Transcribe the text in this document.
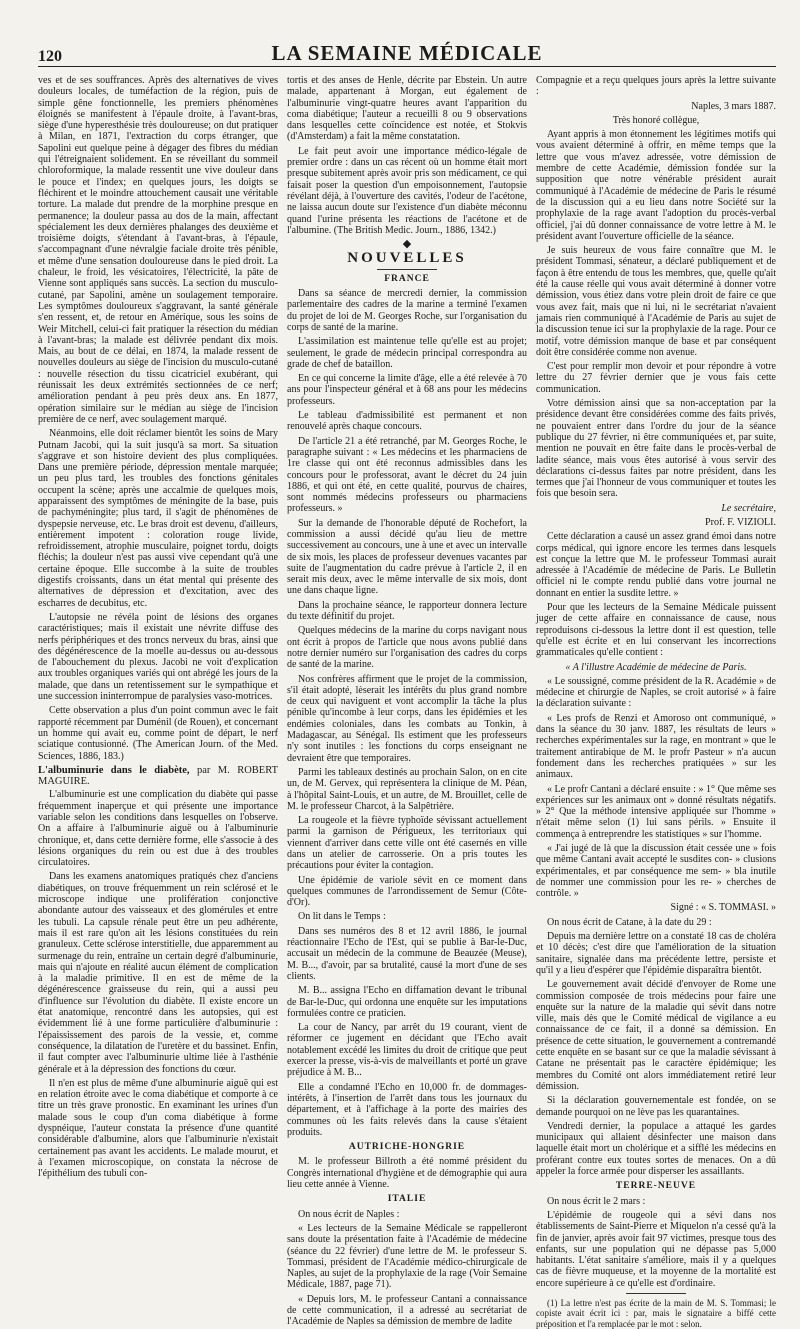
120	LA SEMAINE MÉDICALE

ves et de ses souffrances. Après des alternatives de vives douleurs locales, de tuméfaction de la région, puis de simple gêne fonctionnelle, les premiers phénomènes éloignés se manifestent à l'épaule droite, à l'avant-bras, siège d'une hyperesthésie très douloureuse; on dut pratiquer à Milan, en 1871, l'extraction du corps étranger, que Sapolini eut quelque peine à dégager des fibres du médian qui l'étreignaient solidement. En se réveillant du sommeil chloroformique, la malade ressentit une vive douleur dans le pouce et l'index; en quelques jours, les doigts se fléchirent et le moindre attouchement causait une véritable torture. La malade dut prendre de la morphine presque en permanence; la douleur passa au dos de la main, affectant spécialement les deux dernières phalanges des deuxième et troisième doigts, s'étendant à l'avant-bras, à l'épaule, s'accompagnant d'une névralgie faciale droite très pénible, et même d'une sensation douloureuse dans le pied droit. La chaleur, le froid, les vésicatoires, l'électricité, la pâte de Vienne sont appliqués sans succès. La section du musculo-cutané, par Sapolini, amène un soulagement temporaire. Les symptômes douloureux s'aggravant, la santé générale s'en ressent, et, de retour en Amérique, sous les soins de Weir Mitchell, celui-ci fait pratiquer la résection du médian à l'avant-bras; la malade est délivrée pendant dix mois. Mais, au bout de ce délai, en 1874, la malade ressent de nouvelles douleurs au siège de l'incision du musculo-cutané : nouvelle résection du tissu cicatriciel exubérant, qui réunissait les deux extrémités sectionnées de ce nerf; amélioration pendant à peu près deux ans. En 1877, opération similaire sur le médian au siège de l'incision première de ce nerf, avec soulagement marqué.

Néanmoins, elle doit réclamer bientôt les soins de Mary Putnam Jacobi, qui la suit jusqu'à sa mort. Sa situation s'aggrave et son histoire devient des plus compliquées. Dans une première période, dépression mentale marquée; un peu plus tard, les troubles des fonctions génitales occupent la scène; après une accalmie de quelques mois, apparaissent des symptômes de méningite de la base, puis de pachyméningite; plus tard, il s'agit de phénomènes de dyspepsie nerveuse, etc. Le bras droit est devenu, d'ailleurs, entièrement impotent : coloration rouge livide, refroidissement, atrophie musculaire, poignet tordu, doigts fléchis; la douleur n'est pas aussi vive cependant qu'à une certaine époque. Elle succombe à la suite de troubles digestifs croissants, dans un état mental qui présente des alternatives de dépression et d'excitation, avec des escharres de decubitus, etc.

L'autopsie ne révéla point de lésions des organes caractéristiques; mais il existait une névrite diffuse des nerfs périphériques et des troncs nerveux du bras, ainsi que des dégénérescence de la moelle au-dessus ou au-dessous de l'abouchement du plexus. Jacobi ne voit d'explication aux troubles organiques variés qui ont abrégé les jours de la malade, que dans un retentissement sur le sympathique et une succession ininterrompue de paralysies vaso-motrices.

Cette observation a plus d'un point commun avec le fait rapporté récemment par Duménil (de Rouen), et concernant un homme qui avait eu, comme point de départ, le nerf sciatique contusionné. (The American Journ. of the Med. Sciences, 1886, 183.)

L'albuminurie dans le diabète, par M. ROBERT MAGUIRE.

L'albuminurie est une complication du diabète qui passe fréquemment inaperçue et qui présente une importance variable selon les conditions dans lesquelles on l'observe. On a affaire à l'albuminurie aiguë ou à l'albuminurie chronique, et, dans cette dernière forme, elle s'associe à des lésions organiques du rein ou est due à des troubles circulatoires.

Dans les examens anatomiques pratiqués chez d'anciens diabétiques, on trouve fréquemment un rein sclérosé et le microscope indique une prolifération conjonctive abondante autour des vaisseaux et des glomérules et entre les tubuli. La capsule rénale peut être un peu adhérente, mais il est rare qu'on ait les lésions constituées du rein granuleux. Cette sclérose interstitielle, due apparemment au surmenage du rein, entraîne un certain degré d'albuminurie, mais qui n'ajoute en réalité aucun élément de complication à la maladie primitive. Il en est de même de la dégénérescence graisseuse du rein, qui a aussi peu d'influence sur l'évolution du diabète. Il existe encore un état anatomique, rencontré dans les autopsies, qui est évidemment lié à une forme particulière d'albuminurie : l'épaississement des parois de la vessie, et, comme conséquence, la dilatation de l'uretère et du bassinet. Enfin, il faut compter avec l'albuminurie ultime liée à l'asthénie générale et à la dépression des fonctions du cœur.

Il n'en est plus de même d'une albuminurie aiguë qui est en relation étroite avec le coma diabétique et comporte à ce titre un très grave pronostic. En examinant les urines d'un malade sous le coup d'un coma diabétique à forme dyspnéique, l'auteur constata la présence d'une quantité considérable d'albumine, alors que l'albuminurie n'existait certainement pas avant les accidents. Le malade mourut, et à l'examen microscopique, on constata la nécrose de l'épithélium des tubuli con-

tortis et des anses de Henle, décrite par Ebstein. Un autre malade, appartenant à Morgan, eut également de l'albuminurie vingt-quatre heures avant l'apparition du coma diabétique; l'auteur a recueilli 8 ou 9 observations dans lesquelles cette coïncidence est notée, et Stokvis (d'Amsterdam) a fait la même constatation.

Le fait peut avoir une importance médico-légale de premier ordre : dans un cas récent où un homme était mort presque subitement après avoir pris son médicament, ce qui faisait poser la question d'un empoisonnement, l'autopsie révélant déjà, à l'ouverture des cavités, l'odeur de l'acétone, ne laissa aucun doute sur l'existence d'un diabète méconnu quand l'urine présenta les réactions de l'acétone et de l'albumine. (The British Medic. Journ., 1886, 1342.)

◆
NOUVELLES
FRANCE

Dans sa séance de mercredi dernier, la commission parlementaire des cadres de la marine a terminé l'examen du projet de loi de M. Georges Roche, sur l'organisation du corps de santé de la marine.

L'assimilation est maintenue telle qu'elle est au projet; seulement, le grade de médecin principal correspondra au grade de chef de bataillon.

En ce qui concerne la limite d'âge, elle a été relevée à 70 ans pour l'inspecteur général et à 68 ans pour les médecins professeurs.

Le tableau d'admissibilité est permanent et non renouvelé après chaque concours.

De l'article 21 a été retranché, par M. Georges Roche, le paragraphe suivant : « Les médecins et les pharmaciens de 1re classe qui ont été reconnus admissibles dans les concours pour le professorat, avant le décret du 24 juin 1886, et qui ont été, en cette qualité, pourvus de chaires, sont nommés médecins professeurs ou pharmaciens professeurs. »

Sur la demande de l'honorable député de Rochefort, la commission a aussi décidé qu'au lieu de mettre successivement au concours, une à une et avec un intervalle de six mois, les places de professeur devenues vacantes par suite de l'augmentation du cadre prévue à l'article 2, il en serait mis deux, avec le même intervalle de six mois, dont une dans chaque ligne.

Dans la prochaine séance, le rapporteur donnera lecture du texte définitif du projet.

Quelques médecins de la marine du corps navigant nous ont écrit à propos de l'article que nous avons publié dans notre dernier numéro sur l'organisation des cadres du corps de santé de la marine.

Nos confrères affirment que le projet de la commission, s'il était adopté, lèserait les intérêts du plus grand nombre de ceux qui naviguent et vont accomplir la tâche la plus pénible qu'incombe à leur corps, dans les épidémies et les endémies coloniales, dans les combats au Tonkin, à Madagascar, au Sénégal. Ils estiment que les professeurs n'y sont inutiles : les fonctions du corps enseignant ne devraient être que temporaires.

Parmi les tableaux destinés au prochain Salon, on en cite un, de M. Gervex, qui représentera la clinique de M. Péan, à l'hôpital Saint-Louis, et un autre, de M. Brouillet, celle de M. le professeur Charcot, à la Salpêtrière.

La rougeole et la fièvre typhoïde sévissant actuellement parmi la garnison de Périgueux, les territoriaux qui viennent d'arriver dans cette ville ont été casernés en ville dans un atelier de carrosserie. On a pris toutes les précautions pour éviter la contagion.

Une épidémie de variole sévit en ce moment dans quelques communes de l'arrondissement de Semur (Côte-d'Or).

On lit dans le Temps :

Dans ses numéros des 8 et 12 avril 1886, le journal réactionnaire l'Echo de l'Est, qui se publie à Bar-le-Duc, accusait un médecin de la commune de Beauzée (Meuse), M. B..., d'avoir, par sa brutalité, causé la mort d'une de ses clients.

M. B... assigna l'Echo en diffamation devant le tribunal de Bar-le-Duc, qui ordonna une enquête sur les imputations formulées contre ce praticien.

La cour de Nancy, par arrêt du 19 courant, vient de réformer ce jugement en décidant que l'Echo avait notablement excédé les limites du droit de critique que peut exercer la presse, vis-à-vis de malveillants et porté un grave préjudice à M. B...

Elle a condamné l'Echo en 10,000 fr. de dommages-intérêts, à l'insertion de l'arrêt dans tous les journaux du département, et à l'affichage à la porte des mairies des communes où les faits relevés dans la cause s'étaient produits.

AUTRICHE-HONGRIE

M. le professeur Billroth a été nommé président du Congrès international d'hygiène et de démographie qui aura lieu cette année à Vienne.

ITALIE

On nous écrit de Naples :

« Les lecteurs de la Semaine Médicale se rappelleront sans doute la présentation faite à l'Académie de médecine (séance du 22 février) d'une lettre de M. le professeur S. Tommasi, président de l'Académie médico-chirurgicale de Naples, au sujet de la prophylaxie de la rage (Voir Semaine Médicale, 1887, page 71).

« Depuis lors, M. le professeur Cantani a connaissance de cette communication, il a adressé au secrétariat de l'Académie de Naples sa démission de membre de ladite

Compagnie et a reçu quelques jours après la lettre suivante :

Naples, 3 mars 1887.

Très honoré collègue,

Ayant appris à mon étonnement les légitimes motifs qui vous avaient déterminé à offrir, en même temps que la lettre que vous m'avez adressée, votre démission de membre de cette Académie, démission fondée sur la supposition que notre vénérable président aurait communiqué à l'Académie de médecine de Paris le résumé de la discussion qui a eu lieu dans notre Société sur la prophylaxie de la rage avant l'adoption du procès-verbal officiel, j'ai dû donner connaissance de votre lettre à M. le président avant l'ouverture officielle de la séance.

Je suis heureux de vous faire connaître que M. le président Tommasi, sénateur, a déclaré publiquement et de façon à être entendu de tous les membres, que, quelle qu'ait été la cause réelle qui vous avait déterminé à donner votre démission, vous étiez dans votre plein droit de faire ce que vous avez fait, mais que ni lui, ni le secrétariat n'avaient jamais rien communiqué à l'Académie de Paris au sujet de la discussion tenue ici sur la prophylaxie de la rage. Pour ce motif, votre démission manque de base et par conséquent doit être considérée comme non avenue.

C'est pour remplir mon devoir et pour répondre à votre lettre du 27 février dernier que je vous fais cette communication.

Votre démission ainsi que sa non-acceptation par la présidence devant être considérées comme des faits privés, ne pouvaient entrer dans l'ordre du jour de la séance publique du 27 février, ni être communiquées et, par suite, mention ne pouvait en être faite dans le procès-verbal de ladite séance, mais vous êtes autorisé à vous servir des déclarations ci-dessus faites par notre président, dans les termes que j'ai l'honneur de vous communiquer et toutes les fois que besoin sera.

Le secrétaire,

Prof. F. VIZIOLI.

Cette déclaration a causé un assez grand émoi dans notre corps médical, qui ignore encore les termes dans lesquels est conçue la lettre que M. le professeur Tommasi aurait adressée à l'Académie de médecine de Paris. Le Bulletin officiel ni le compte rendu publié dans votre journal ne donnant en entier la susdite lettre. »

Pour que les lecteurs de la Semaine Médicale puissent juger de cette affaire en connaissance de cause, nous reproduisons ci-dessous la lettre dont il est question, telle qu'elle est écrite et en lui conservant les incorrections grammaticales qu'elle contient :

« A l'illustre Académie de médecine de Paris.

« Le soussigné, comme président de la R. Académie » de médecine et chirurgie de Naples, se croit autorisé » à faire la déclaration suivante :

« Les profs de Renzi et Amoroso ont communiqué, » dans la séance du 30 janv. 1887, les résultats de leurs » recherches expérimentales sur la rage, en montrant » que le traitement antirabique de M. le profr Pasteur » n'a aucun fondement dans les recherches pratiquées » sur les animaux.

« Le profr Cantani a déclaré ensuite : » 1° Que même ses expériences sur les animaux ont » donné résultats négatifs. » 2° Que la méthode intensive appliquée sur l'homme » n'était même selon (1) lui sans périls. » Ensuite il commença à entreprendre les statistiques » sur l'homme.

« J'ai jugé de là que la discussion était cessée une » fois que même Cantani avait accepté le susdites con- » clusions expérimentales, et par conséquence me sem- » bla inutile de nommer une commission pour les re- » cherches de contrôle. »

Signé : « S. TOMMASI. »

On nous écrit de Catane, à la date du 29 :

Depuis ma dernière lettre on a constaté 18 cas de choléra et 10 décès; c'est dire que l'amélioration de la situation sanitaire, signalée dans ma précédente lettre, persiste et qu'il y a lieu d'espérer que l'épidémie disparaîtra bientôt.

Le gouvernement avait décidé d'envoyer de Rome une commission composée de trois médecins pour faire une enquête sur la nature de la maladie qui sévit dans notre ville, mais dès que le Comité médical de vigilance a eu connaissance de ce fait, il a donné sa démission. En présence de cette situation, le gouvernement a contremandé cette enquête en se basant sur ce que la maladie sévissant à Catane ne présentait pas le caractère épidémique; les membres du Comité ont alors immédiatement retiré leur démission.

Si la déclaration gouvernementale est fondée, on se demande pourquoi on ne lève pas les quarantaines.

Vendredi dernier, la populace a attaqué les gardes municipaux qui allaient désinfecter une maison dans laquelle était mort un cholérique et a sifflé les médecins en proférant contre eux toutes sortes de menaces. On a dû appeler la force armée pour disperser les assaillants.

TERRE-NEUVE

On nous écrit le 2 mars :

L'épidémie de rougeole qui a sévi dans nos établissements de Saint-Pierre et Miquelon n'a cessé qu'à la fin de janvier, après avoir fait 97 victimes, presque tous des enfants, sur une population qui ne dépasse pas 5,000 habitants. L'état sanitaire s'améliore, mais il y a quelques cas de fièvre muqueuse, et la moyenne de la mortalité est encore supérieure à ce qu'elle est d'ordinaire.

(1) La lettre n'est pas écrite de la main de M. S. Tommasi; le copiste avait écrit ici : par, mais le signataire a biffé cette préposition et l'a remplacée par le mot : selon.
